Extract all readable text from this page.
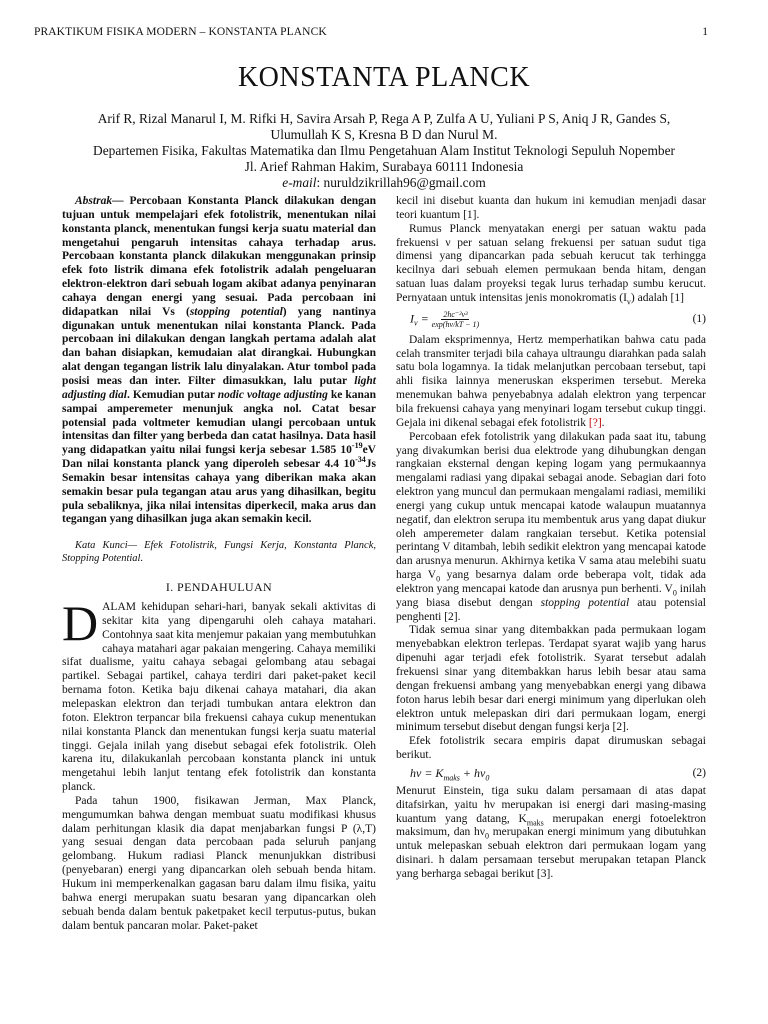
PRAKTIKUM FISIKA MODERN – KONSTANTA PLANCK	1
KONSTANTA PLANCK
Arif R, Rizal Manarul I, M. Rifki H, Savira Arsah P, Rega A P, Zulfa A U, Yuliani P S, Aniq J R, Gandes S,
Ulumullah K S, Kresna B D dan Nurul M.
Departemen Fisika, Fakultas Matematika dan Ilmu Pengetahuan Alam Institut Teknologi Sepuluh Nopember
Jl. Arief Rahman Hakim, Surabaya 60111 Indonesia
e-mail: nuruldzikrillah96@gmail.com

Abstrak— Percobaan Konstanta Planck dilakukan dengan tujuan untuk mempelajari efek fotolistrik, menentukan nilai konstanta planck, menentukan fungsi kerja suatu material dan mengetahui pengaruh intensitas cahaya terhadap arus. Percobaan konstanta planck dilakukan menggunakan prinsip efek foto listrik dimana efek fotolistrik adalah pengeluaran elektron-elektron dari sebuah logam akibat adanya penyinaran cahaya dengan energi yang sesuai. Pada percobaan ini didapatkan nilai Vs (stopping potential) yang nantinya digunakan untuk menentukan nilai konstanta Planck. Pada percobaan ini dilakukan dengan langkah pertama adalah alat dan bahan disiapkan, kemudaian alat dirangkai. Hubungkan alat dengan tegangan listrik lalu dinyalakan. Atur tombol pada posisi meas dan inter. Filter dimasukkan, lalu putar light adjusting dial. Kemudian putar nodic voltage adjusting ke kanan sampai amperemeter menunjuk angka nol. Catat besar potensial pada voltmeter kemudian ulangi percobaan untuk intensitas dan filter yang berbeda dan catat hasilnya. Data hasil yang didapatkan yaitu nilai fungsi kerja sebesar 1.585 $10^{-19}eV$ Dan nilai konstanta planck yang diperoleh sebesar 4.4 $10^{-34}Js$ Semakin besar intensitas cahaya yang diberikan maka akan semakin besar pula tegangan atau arus yang dihasilkan, begitu pula sebaliknya, jika nilai intensitas diperkecil, maka arus dan tegangan yang dihasilkan juga akan semakin kecil.

Kata Kunci— Efek Fotolistrik, Fungsi Kerja, Konstanta Planck, Stopping Potential.

I. PENDAHULUAN

DALAM kehidupan sehari-hari, banyak sekali aktivitas di sekitar kita yang dipengaruhi oleh cahaya matahari. Contohnya saat kita menjemur pakaian yang membutuhkan cahaya matahari agar pakaian mengering. Cahaya memiliki sifat dualisme, yaitu cahaya sebagai gelombang atau sebagai partikel. Sebagai partikel, cahaya terdiri dari paket-paket kecil bernama foton. Ketika baju dikenai cahaya matahari, dia akan melepaskan elektron dan terjadi tumbukan antara elektron dan foton. Elektron terpancar bila frekuensi cahaya cukup menentukan nilai konstanta Planck dan menentukan fungsi kerja suatu material tinggi. Gejala inilah yang disebut sebagai efek fotolistrik. Oleh karena itu, dilakukanlah percobaan konstanta planck ini untuk mengetahui lebih lanjut tentang efek fotolistrik dan konstanta planck.

Pada tahun 1900, fisikawan Jerman, Max Planck, mengumumkan bahwa dengan membuat suatu modifikasi khusus dalam perhitungan klasik dia dapat menjabarkan fungsi P (λ,T) yang sesuai dengan data percobaan pada seluruh panjang gelombang. Hukum radiasi Planck menunjukkan distribusi (penyebaran) energi yang dipancarkan oleh sebuah benda hitam. Hukum ini memperkenalkan gagasan baru dalam ilmu fisika, yaitu bahwa energi merupakan suatu besaran yang dipancarkan oleh sebuah benda dalam bentuk paketpaket kecil terputus-putus, bukan dalam bentuk pancaran molar. Paket-paket

kecil ini disebut kuanta dan hukum ini kemudian menjadi dasar teori kuantum [1].

Rumus Planck menyatakan energi per satuan waktu pada frekuensi ν per satuan selang frekuensi per satuan sudut tiga dimensi yang dipancarkan pada sebuah kerucut tak terhingga kecilnya dari sebuah elemen permukaan benda hitam, dengan satuan luas dalam proyeksi tegak lurus terhadap sumbu kerucut. Pernyataan untuk intensitas jenis monokromatis $(I_v)$ adalah [1]

$I_v = \frac{\text{2hc⁻²ν³}}{\exp(h\nu/kT - 1)}$	(1)

Dalam eksprimennya, Hertz memperhatikan bahwa catu pada celah transmiter terjadi bila cahaya ultraungu diarahkan pada salah satu bola logamnya. Ia tidak melanjutkan percobaan tersebut, tapi ahli fisika lainnya meneruskan eksperimen tersebut. Mereka menemukan bahwa penyebabnya adalah elektron yang terpencar bila frekuensi cahaya yang menyinari logam tersebut cukup tinggi. Gejala ini dikenal sebagai efek fotolistrik [?].

Percobaan efek fotolistrik yang dilakukan pada saat itu, tabung yang divakumkan berisi dua elektrode yang dihubungkan dengan rangkaian eksternal dengan keping logam yang permukaannya mengalami radiasi yang dipakai sebagai anode. Sebagian dari foto elektron yang muncul dan permukaan mengalami radiasi, memiliki energi yang cukup untuk mencapai katode walaupun muatannya negatif, dan elektron serupa itu membentuk arus yang dapat diukur oleh amperemeter dalam rangkaian tersebut. Ketika potensial perintang V ditambah, lebih sedikit elektron yang mencapai katode dan arusnya menurun. Akhirnya ketika V sama atau melebihi suatu harga $V_0$ yang besarnya dalam orde beberapa volt, tidak ada elektron yang mencapai katode dan arusnya pun berhenti. $V_0$ inilah yang biasa disebut dengan stopping potential atau potensial penghenti [2].

Tidak semua sinar yang ditembakkan pada permukaan logam menyebabkan elektron terlepas. Terdapat syarat wajib yang harus dipenuhi agar terjadi efek fotolistrik. Syarat tersebut adalah frekuensi sinar yang ditembakkan harus lebih besar atau sama dengan frekuensi ambang yang menyebabkan energi yang dibawa foton harus lebih besar dari energi minimum yang diperlukan oleh elektron untuk melepaskan diri dari permukaan logam, energi minimum tersebut disebut dengan fungsi kerja [2].

Efek fotolistrik secara empiris dapat dirumuskan sebagai berikut.

$h\nu = K_{maks} + h\nu_0$	(2)

Menurut Einstein, tiga suku dalam persamaan di atas dapat ditafsirkan, yaitu hν merupakan isi energi dari masing-masing kuantum yang datang, $K_{maks}$ merupakan energi fotoelektron maksimum, dan $h\nu_0$ merupakan energi minimum yang dibutuhkan untuk melepaskan sebuah elektron dari permukaan logam yang disinari. h dalam persamaan tersebut merupakan tetapan Planck yang berharga sebagai berikut [3].
